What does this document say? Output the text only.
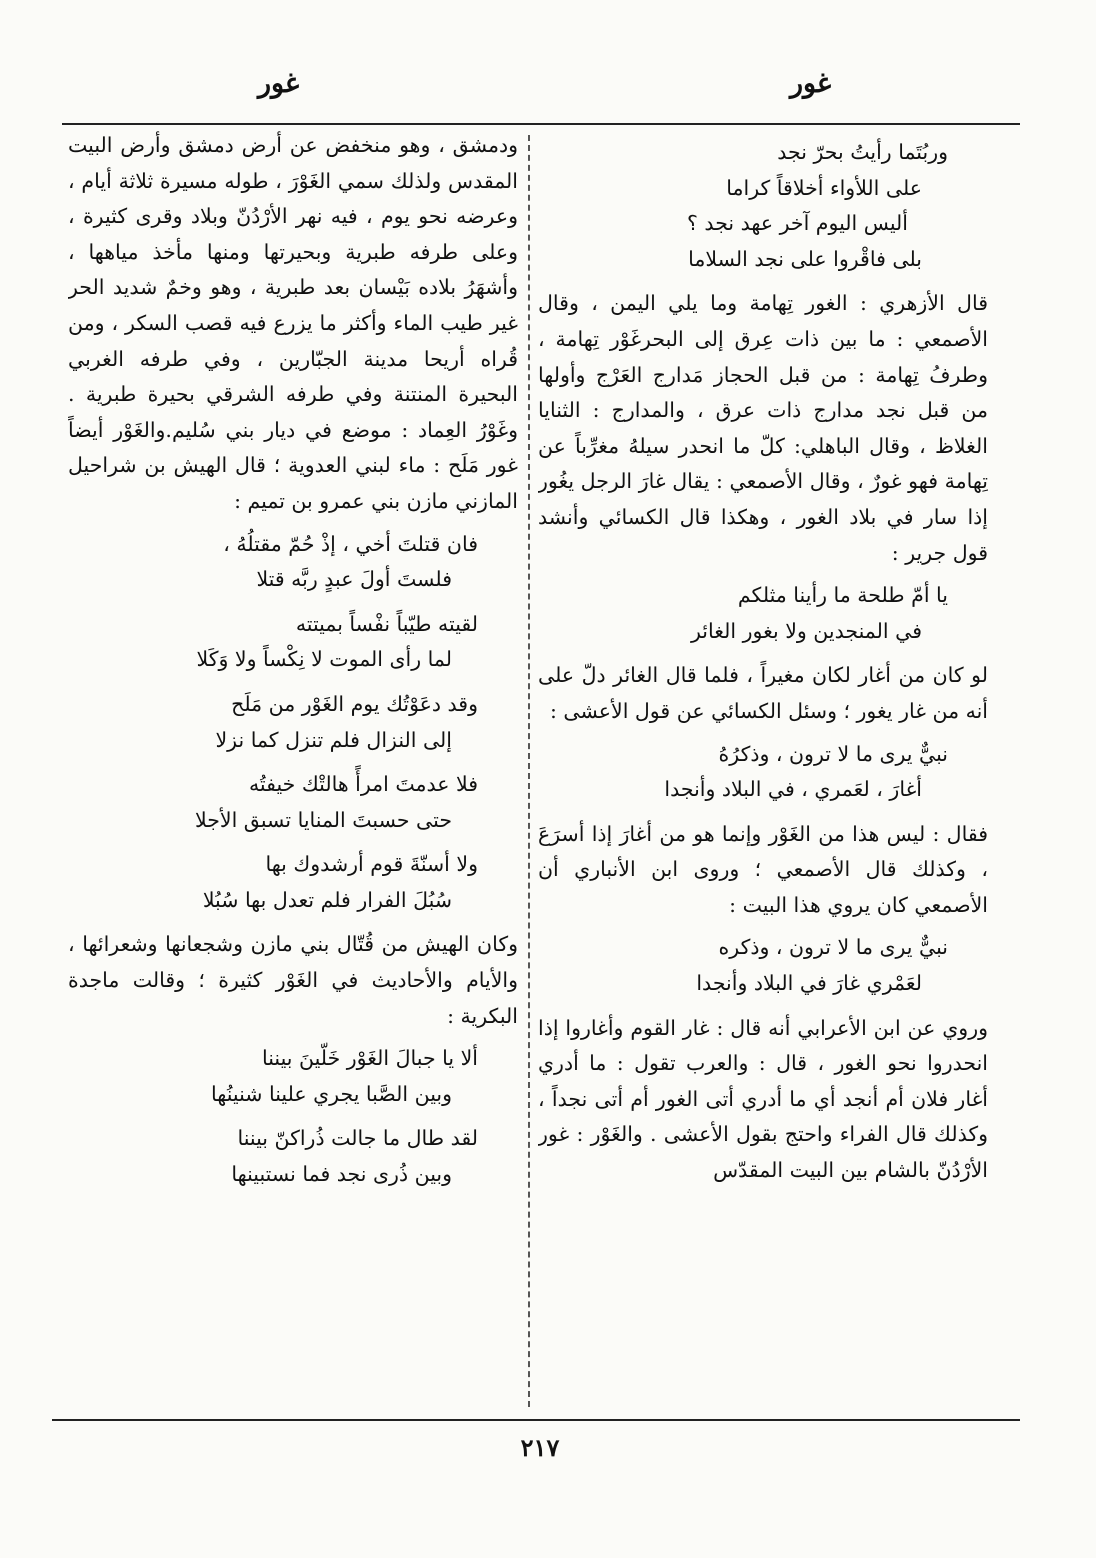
غور
غور
وربُتَما رأيتُ بحرّ نجد
على اللأواء أخلاقاً كراما
أليس اليوم آخر عهد نجد ؟
بلى فاقْروا على نجد السلاما

قال الأزهري : الغور تِهامة وما يلي اليمن ، وقال الأصمعي : ما بين ذات عِرق إلى البحرغَوْر تِهامة ، وطرفُ تِهامة : من قبل الحجاز مَدارج العَرْج وأولها من قبل نجد مدارج ذات عرق ، والمدارج : الثنايا الغلاظ ، وقال الباهلي: كلّ ما انحدر سيلهُ مغرِّباً عن تِهامة فهو غورٌ ، وقال الأصمعي : يقال غارَ الرجل يغُور إذا سار في بلاد الغور ، وهكذا قال الكسائي وأنشد قول جرير :

يا أمّ طلحة ما رأينا مثلكم
في المنجدين ولا بغور الغائر

لو كان من أغار لكان مغيراً ، فلما قال الغائر دلّ على أنه من غار يغور ؛ وسئل الكسائي عن قول الأعشى :

نبيٌّ يرى ما لا ترون ، وذكرُهُ
أغارَ ، لعَمري ، في البلاد وأنجدا

فقال : ليس هذا من الغَوْر وإنما هو من أغارَ إذا أسرَعَ ، وكذلك قال الأصمعي ؛ وروى ابن الأنباري أن الأصمعي كان يروي هذا البيت :

نبيٌّ يرى ما لا ترون ، وذكره
لعَمْري غارَ في البلاد وأنجدا

وروي عن ابن الأعرابي أنه قال : غار القوم وأغاروا إذا انحدروا نحو الغور ، قال : والعرب تقول : ما أدري أغار فلان أم أنجد أي ما أدري أتى الغور أم أتى نجداً ، وكذلك قال الفراء واحتج بقول الأعشى . والغَوْر : غور الأرْدُنّ بالشام بين البيت المقدّس

ودمشق ، وهو منخفض عن أرض دمشق وأرض البيت المقدس ولذلك سمي الغَوْرَ ، طوله مسيرة ثلاثة أيام ، وعرضه نحو يوم ، فيه نهر الأرْدُنّ وبلاد وقرى كثيرة ، وعلى طرفه طبرية وبحيرتها ومنها مأخذ مياهها ، وأشهَرُ بلاده بَيْسان بعد طبرية ، وهو وخمٌ شديد الحر غير طيب الماء وأكثر ما يزرع فيه قصب السكر ، ومن قُراه أريحا مدينة الجبّارين ، وفي طرفه الغربي البحيرة المنتنة وفي طرفه الشرقي بحيرة طبرية . وغَوْرُ العِماد : موضع في ديار بني سُليم.والغَوْر أيضاً غور مَلَح : ماء لبني العدوية ؛ قال الهيش بن شراحيل المازني مازن بني عمرو بن تميم :

فان قتلتَ أخي ، إذْ حُمّ مقتلُهُ ،
فلستَ أولَ عبدٍ ربَّه قتلا
لقيته طيّباً نفْساً بميتته
لما رأى الموت لا نِكْساً ولا وَكَلا
وقد دعَوْتُك يوم الغَوْر من مَلَح
إلى النزال فلم تنزل كما نزلا
فلا عدمتَ امرأً هالتْك خيفتُه
حتى حسبتَ المنايا تسبق الأجلا
ولا أسنّةَ قوم أرشدوك بها
سُبُلَ الفرار فلم تعدل بها سُبُلا

وكان الهيش من قُتّال بني مازن وشجعانها وشعرائها ، والأيام والأحاديث في الغَوْر كثيرة ؛ وقالت ماجدة البكرية :

ألا يا جبالَ الغَوْر خَلّينَ بيننا
وبين الصَّبا يجري علينا شنينُها
لقد طال ما جالت ذُراكنّ بيننا
وبين ذُرى نجد فما نستبينها
٢١٧
